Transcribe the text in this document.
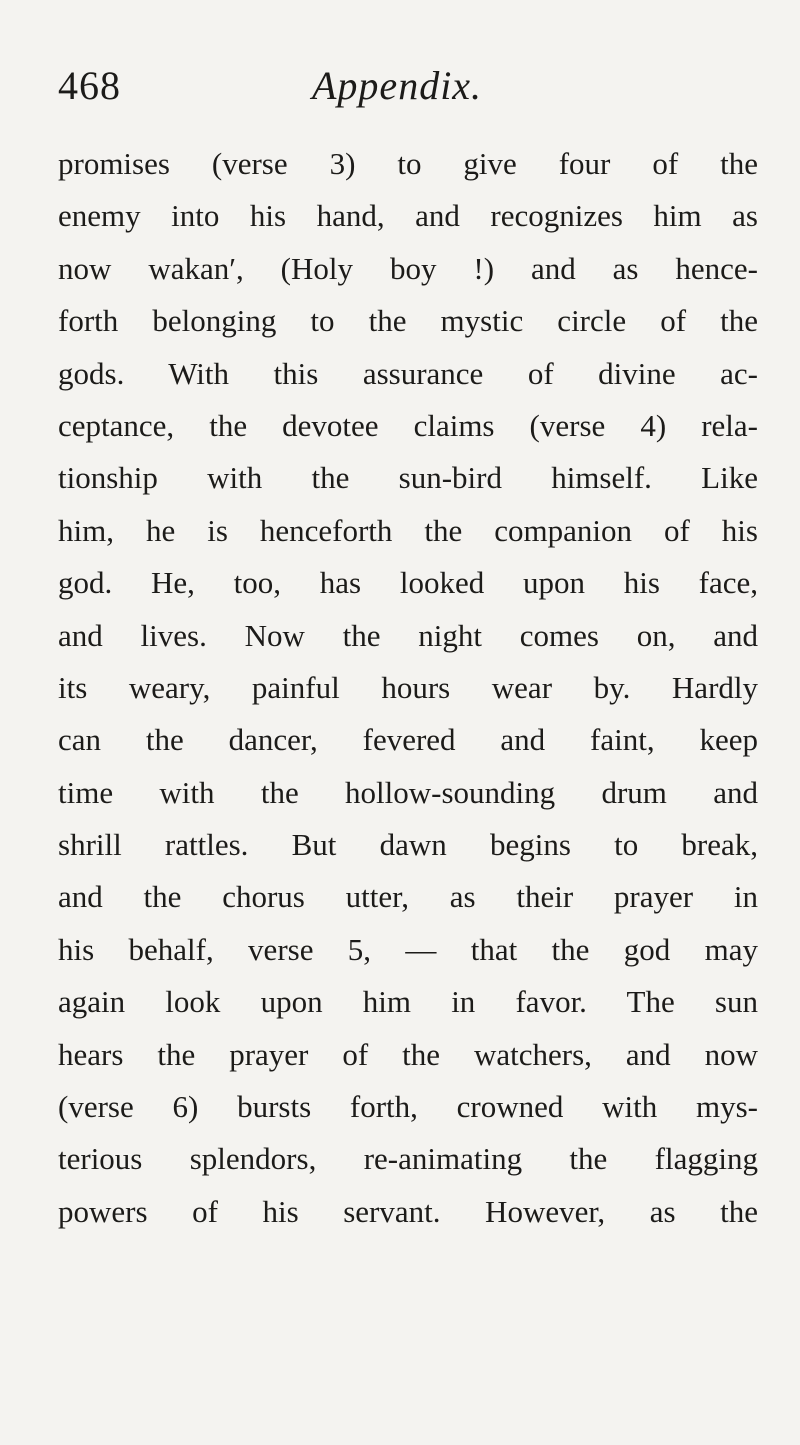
468	Appendix.
promises (verse 3) to give four of the
enemy into his hand, and recognizes him as
now wakan′, (Holy boy !) and as hence-
forth belonging to the mystic circle of the
gods. With this assurance of divine ac-
ceptance, the devotee claims (verse 4) rela-
tionship with the sun-bird himself. Like
him, he is henceforth the companion of his
god. He, too, has looked upon his face,
and lives. Now the night comes on, and
its weary, painful hours wear by. Hardly
can the dancer, fevered and faint, keep
time with the hollow-sounding drum and
shrill rattles. But dawn begins to break,
and the chorus utter, as their prayer in
his behalf, verse 5, — that the god may
again look upon him in favor. The sun
hears the prayer of the watchers, and now
(verse 6) bursts forth, crowned with mys-
terious splendors, re-animating the flagging
powers of his servant. However, as the
